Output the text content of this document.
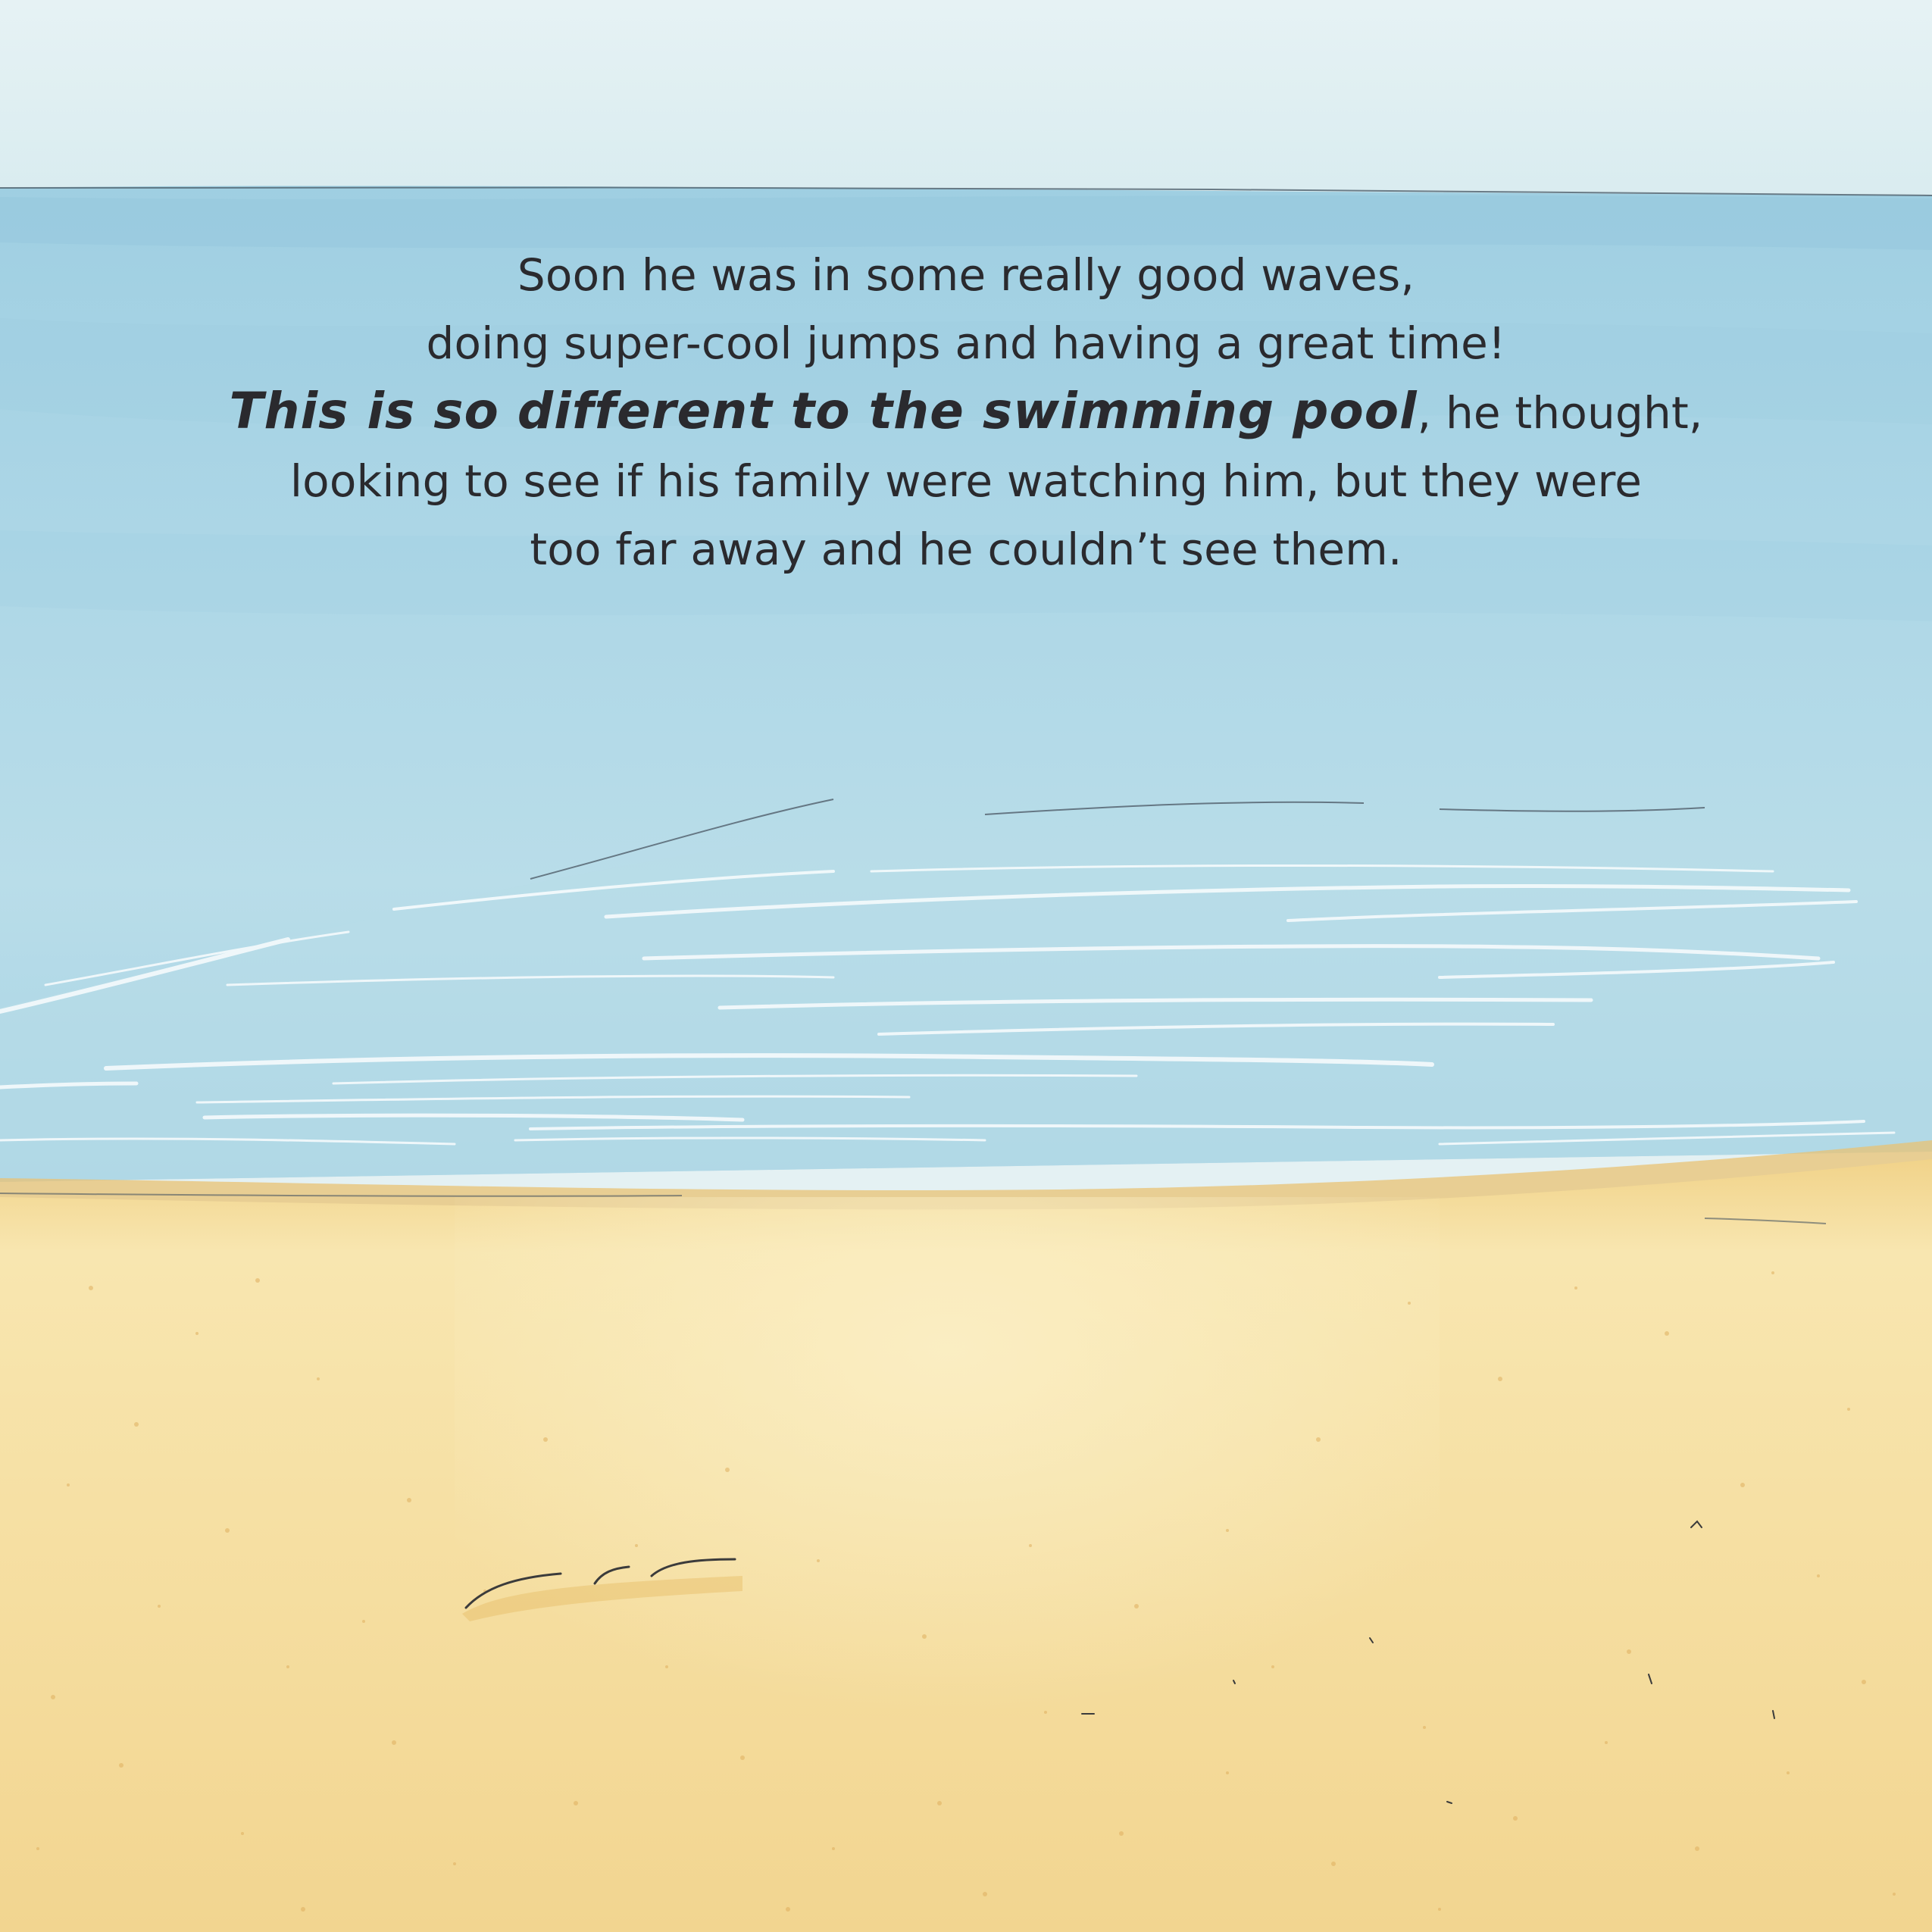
Soon he was in some really good waves,
doing super-cool jumps and having a great time!
This is so different to the swimming pool, he thought,
looking to see if his family were watching him, but they were
too far away and he couldn’t see them.
